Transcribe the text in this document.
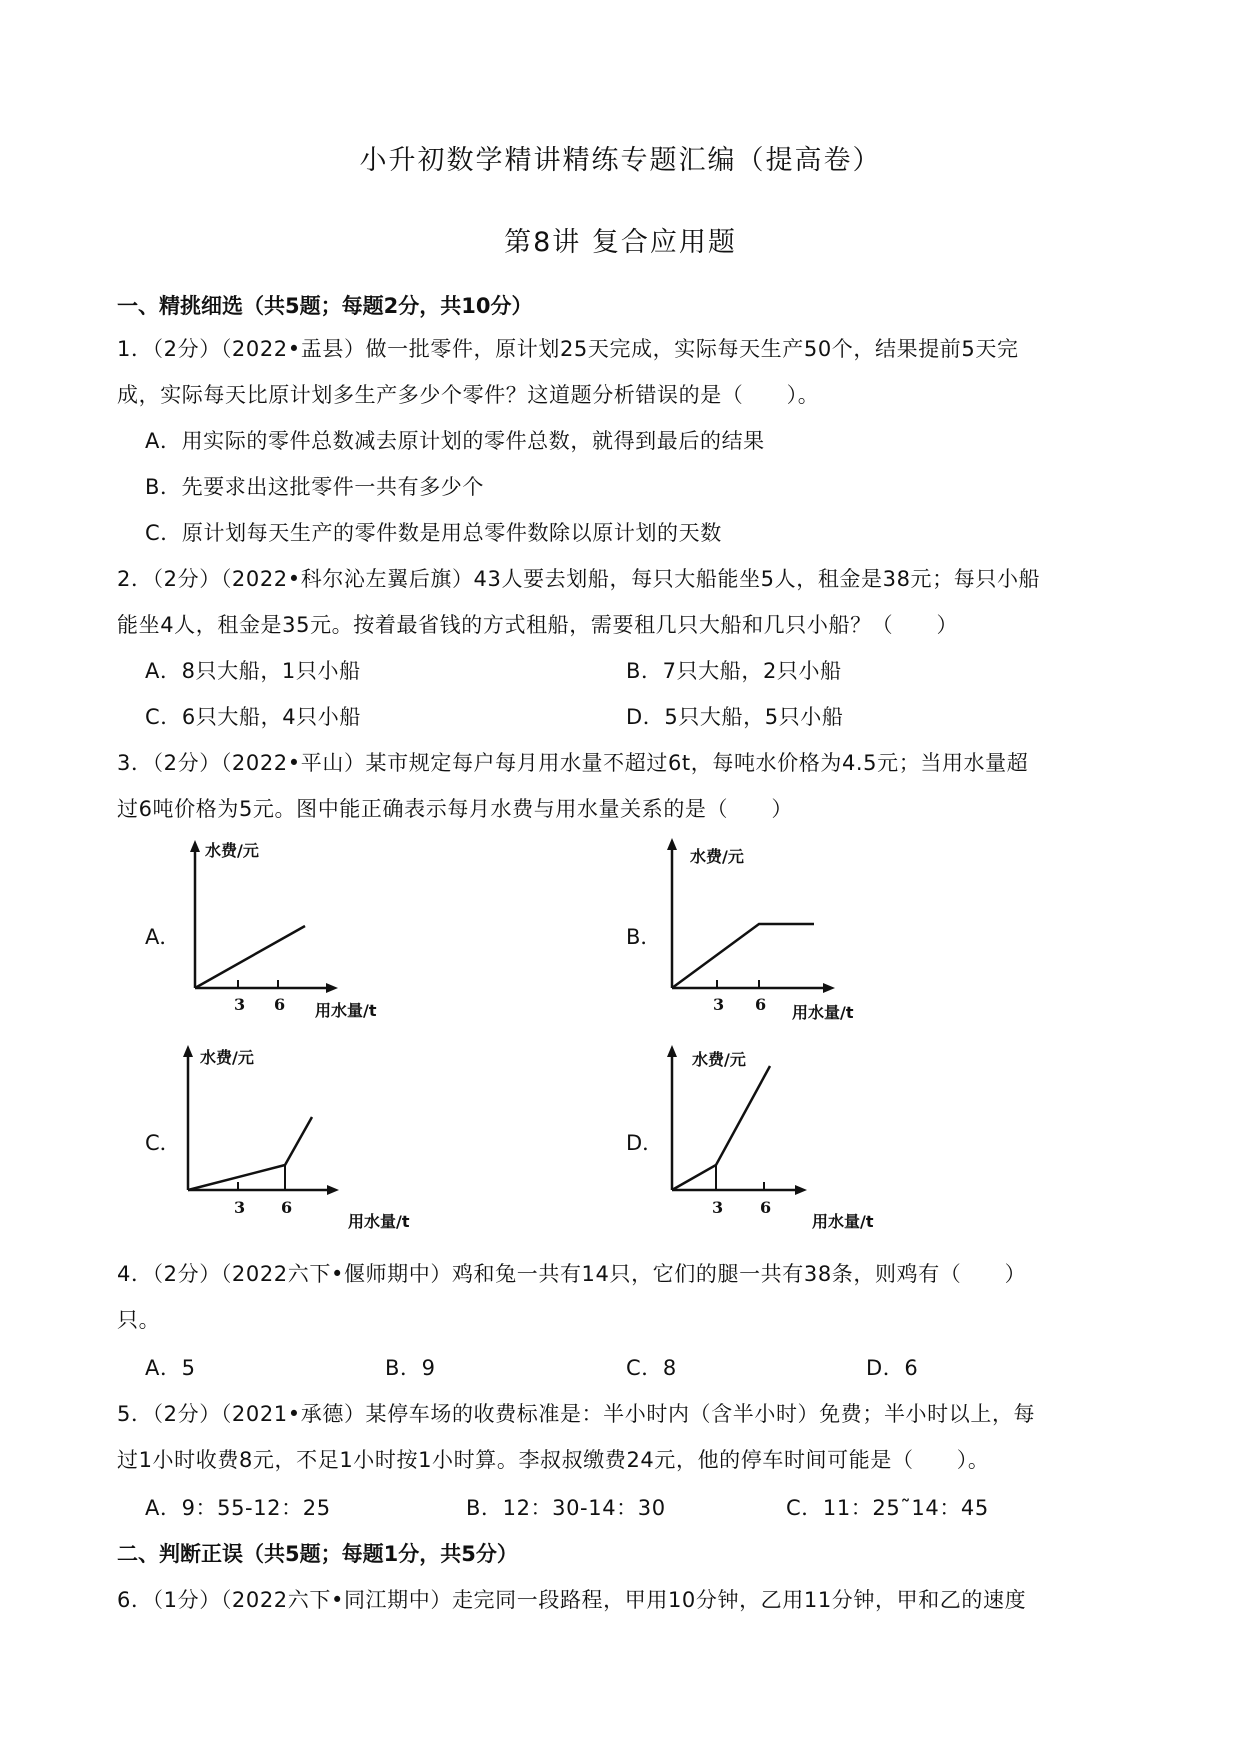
小升初数学精讲精练专题汇编（提高卷）
第8讲 复合应用题
一、精挑细选（共5题；每题2分，共10分）
1．（2分）（2022•盂县）做一批零件，原计划25天完成，实际每天生产50个，结果提前5天完
成，实际每天比原计划多生产多少个零件？这道题分析错误的是（　　）。
A．用实际的零件总数减去原计划的零件总数，就得到最后的结果
B．先要求出这批零件一共有多少个
C．原计划每天生产的零件数是用总零件数除以原计划的天数
2．（2分）（2022•科尔沁左翼后旗）43人要去划船，每只大船能坐5人，租金是38元；每只小船
能坐4人，租金是35元。按着最省钱的方式租船，需要租几只大船和几只小船？（　　）
A．8只大船，1只小船	B．7只大船，2只小船
C．6只大船，4只小船	D．5只大船，5只小船
3．（2分）（2022•平山）某市规定每户每月用水量不超过6t，每吨水价格为4.5元；当用水量超
过6吨价格为5元。图中能正确表示每月水费与用水量关系的是（　　）
A．
3 6
水费/元
用水量/t
B．
3 6
水费/元
用水量/t
C．
3 6
水费/元
用水量/t
D．
3 6
水费/元
用水量/t
4．（2分）（2022六下•偃师期中）鸡和兔一共有14只，它们的腿一共有38条，则鸡有（　　）
只。
A．5	B．9	C．8	D．6
5．（2分）（2021•承德）某停车场的收费标准是：半小时内（含半小时）免费；半小时以上，每
过1小时收费8元，不足1小时按1小时算。李叔叔缴费24元，他的停车时间可能是（　　）。
A．9：55-12：25	B．12：30-14：30	C．11：25˜14：45
二、判断正误（共5题；每题1分，共5分）
6．（1分）（2022六下•同江期中）走完同一段路程，甲用10分钟，乙用11分钟，甲和乙的速度
